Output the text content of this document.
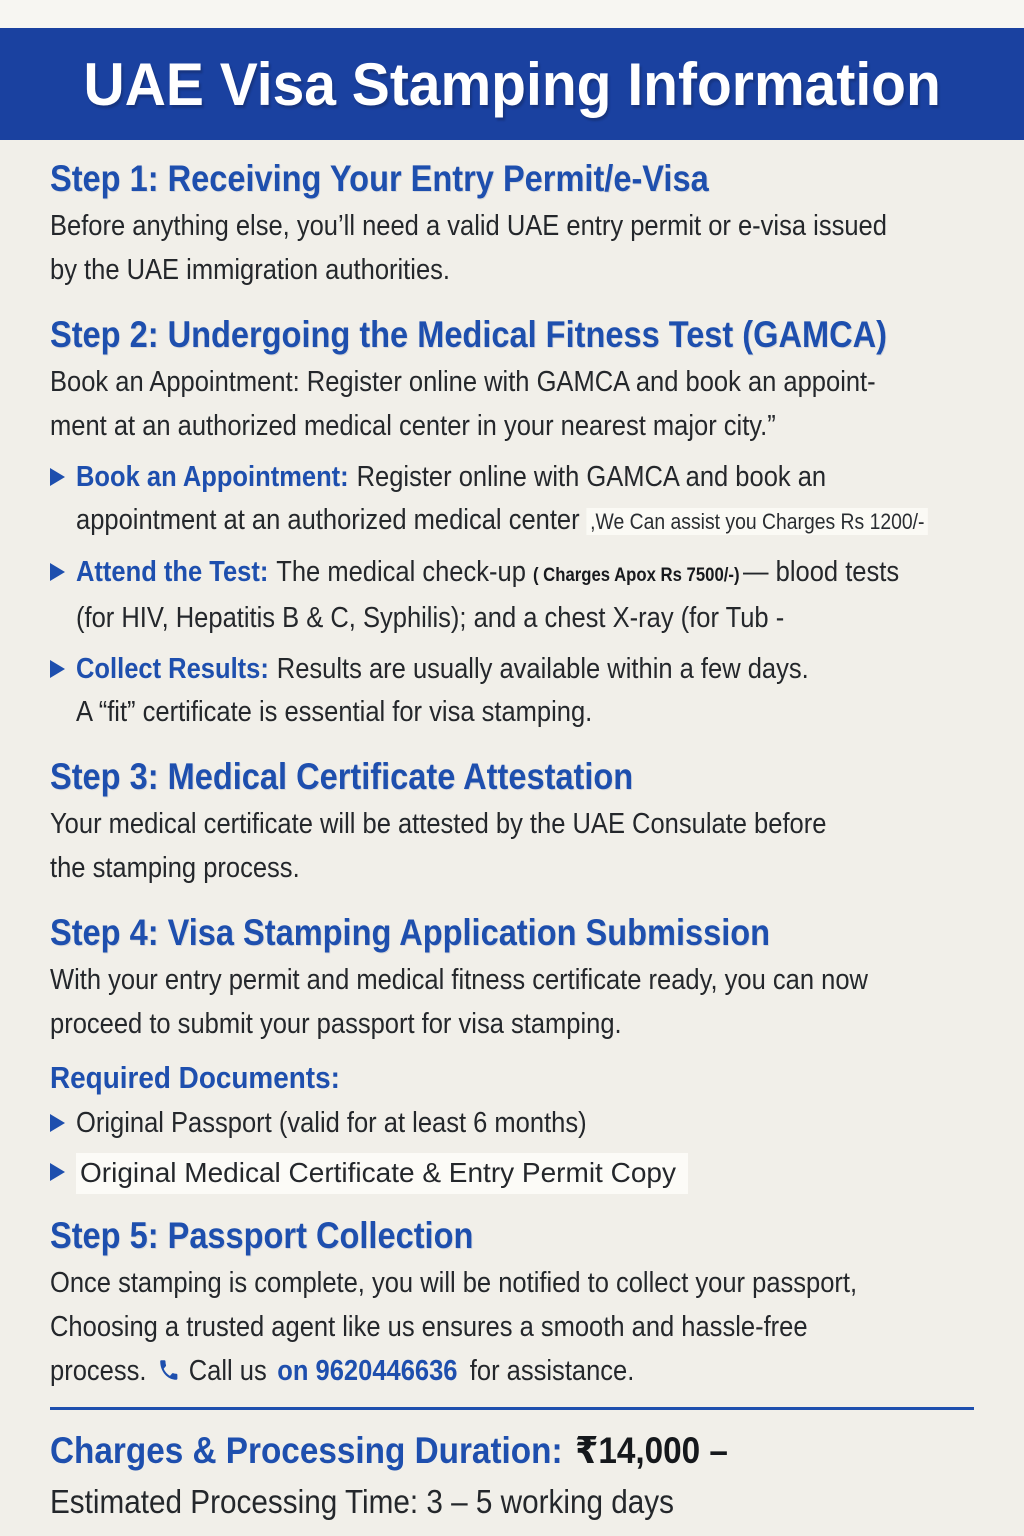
UAE Visa Stamping Information
Step 1: Receiving Your Entry Permit/e-Visa

Before anything else, you’ll need a valid UAE entry permit or e-visa issued

by the UAE immigration authorities.

Step 2: Undergoing the Medical Fitness Test (GAMCA)

Book an Appointment: Register online with GAMCA and book an appoint-

ment at an authorized medical center in your nearest major city.”

Book an Appointment: Register online with GAMCA and book an

appointment at an authorized medical center ,We Can assist you Charges Rs 1200/-

Attend the Test: The medical check-up ( Charges Apox Rs 7500/-) — blood tests

(for HIV, Hepatitis B & C, Syphilis); and a chest X-ray (for Tub -

Collect Results: Results are usually available within a few days.

A “fit” certificate is essential for visa stamping.

Step 3: Medical Certificate Attestation

Your medical certificate will be attested by the UAE Consulate before

the stamping process.

Step 4: Visa Stamping Application Submission

With your entry permit and medical fitness certificate ready, you can now

proceed to submit your passport for visa stamping.

Required Documents:

Original Passport (valid for at least 6 months)

Original Medical Certificate & Entry Permit Copy

Step 5: Passport Collection

Once stamping is complete, you will be notified to collect your passport,

Choosing a trusted agent like us ensures a smooth and hassle-free

process. Call us on 9620446636 for assistance.

Charges & Processing Duration: ₹14,000 –

Estimated Processing Time: 3 – 5 working days
